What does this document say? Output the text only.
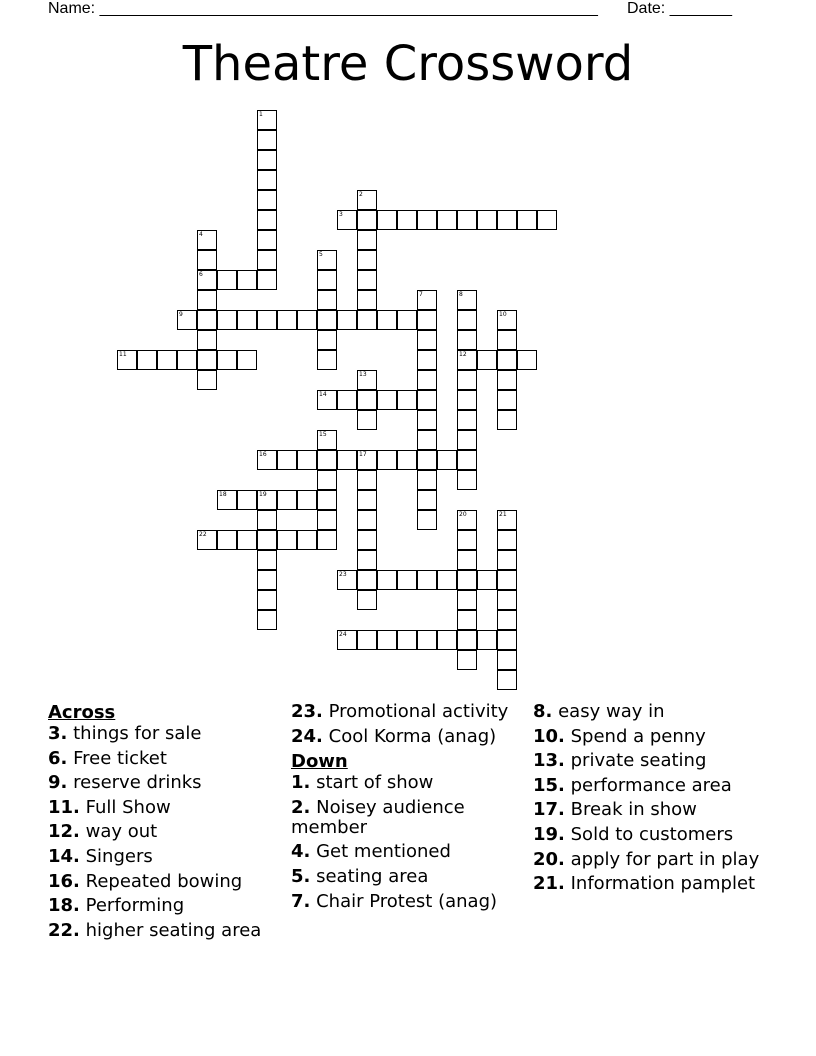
Name: ________________________________________________________ Date: _______
Theatre Crossword
1
2
3
4
6
5
7	8
12
9	10
11
13
14
15
16	17
18	19
20	21
22
23
24

Across

3. things for sale

6. Free ticket

9. reserve drinks

11. Full Show

12. way out

14. Singers

16. Repeated bowing

18. Performing

22. higher seating area

23. Promotional activity

24. Cool Korma (anag)

Down

1. start of show

2. Noisey audience member

4. Get mentioned

5. seating area

7. Chair Protest (anag)

8. easy way in

10. Spend a penny

13. private seating

15. performance area

17. Break in show

19. Sold to customers

20. apply for part in play

21. Information pamplet
